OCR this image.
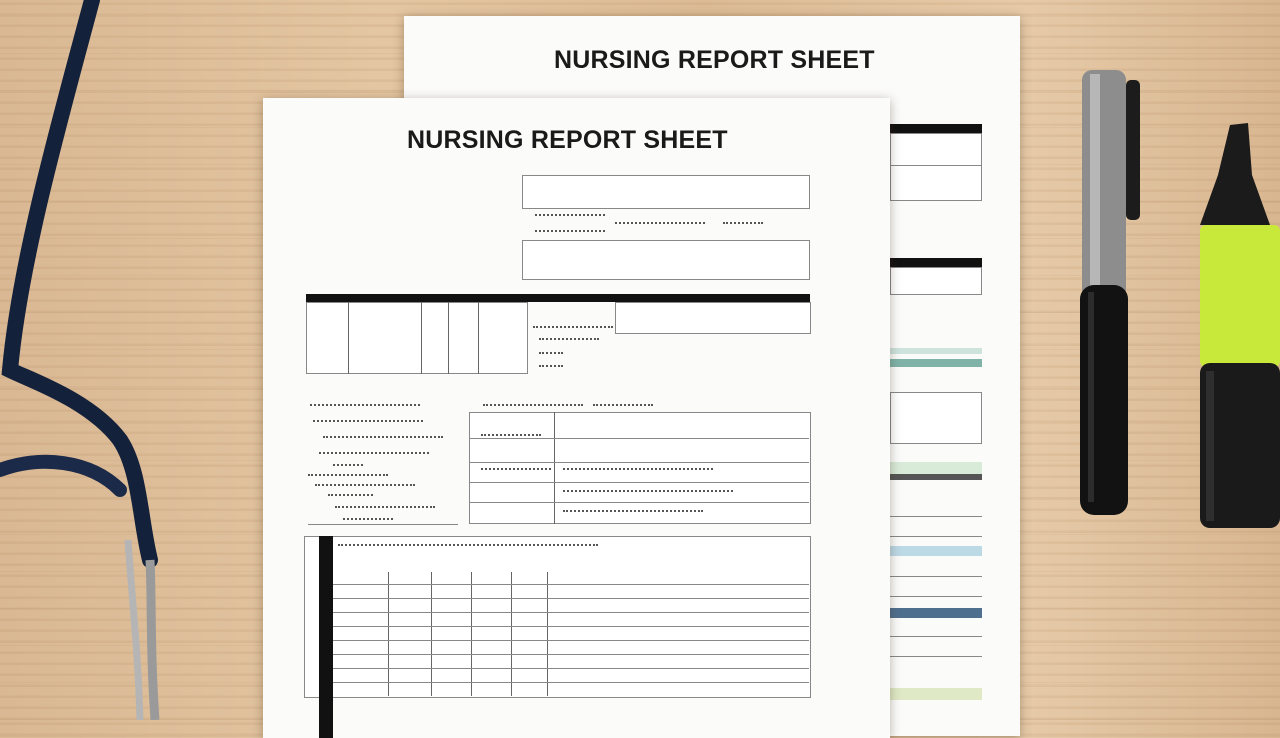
NURSING REPORT SHEET
NURSING REPORT SHEET
